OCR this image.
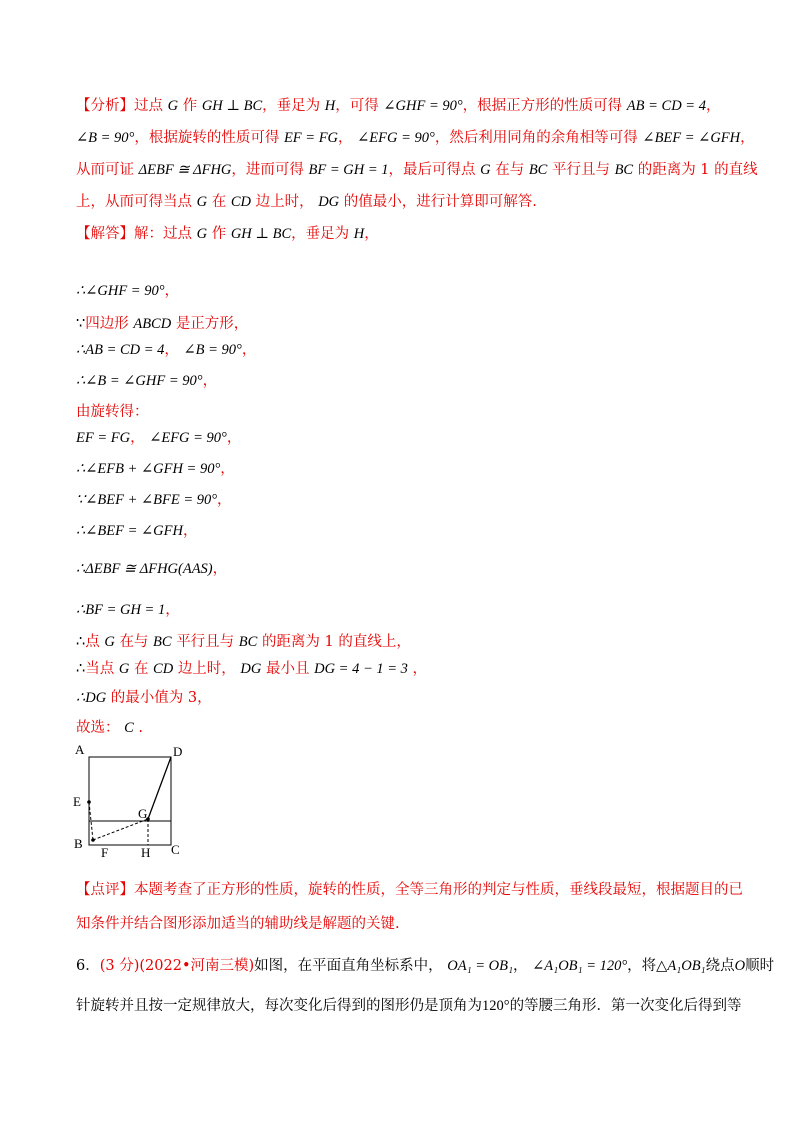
【分析】过点 G 作 GH ⊥ BC，垂足为 H，可得 ∠GHF = 90°，根据正方形的性质可得 AB = CD = 4，
∠B = 90°，根据旋转的性质可得 EF = FG， ∠EFG = 90°，然后利用同角的余角相等可得 ∠BEF = ∠GFH，
从而可证 ΔEBF ≅ ΔFHG，进而可得 BF = GH = 1，最后可得点 G 在与 BC 平行且与 BC 的距离为 1 的直线
上，从而可得当点 G 在 CD 边上时， DG 的值最小，进行计算即可解答.
【解答】解：过点 G 作 GH ⊥ BC，垂足为 H，
∴∠GHF = 90°，
∵四边形 ABCD 是正方形，
∴AB = CD = 4， ∠B = 90°，
∴∠B = ∠GHF = 90°，
由旋转得：
EF = FG， ∠EFG = 90°，
∴∠EFB + ∠GFH = 90°，
∵∠BEF + ∠BFE = 90°，
∴∠BEF = ∠GFH，
∴ΔEBF ≅ ΔFHG(AAS)，
∴BF = GH = 1，
∴点 G 在与 BC 平行且与 BC 的距离为 1 的直线上，
∴当点 G 在 CD 边上时， DG 最小且 DG = 4 − 1 = 3 ，
∴DG 的最小值为 3，
故选： C .
A	D
E
G
B
F	H C
【点评】本题考查了正方形的性质，旋转的性质，全等三角形的判定与性质，垂线段最短，根据题目的已
知条件并结合图形添加适当的辅助线是解题的关键.
6．(3 分)(2022•河南三模)如图，在平面直角坐标系中， OA₁ = OB₁， ∠A₁OB₁ = 120°，将△A₁OB₁绕点O顺时
针旋转并且按一定规律放大，每次变化后得到的图形仍是顶角为120°的等腰三角形．第一次变化后得到等
